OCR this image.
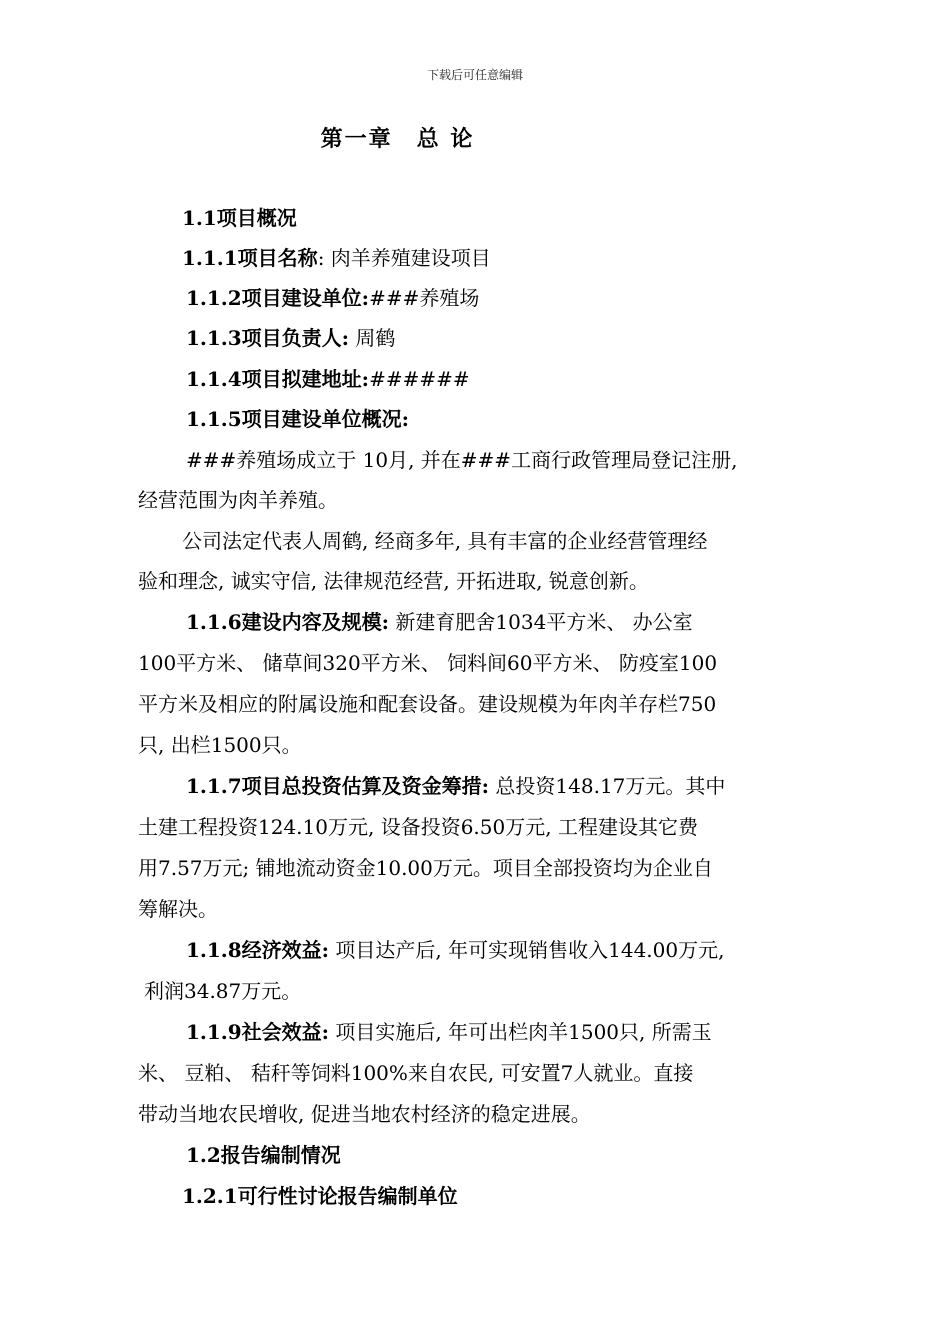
下载后可任意编辑
第一章　总 论
1.1项目概况
1.1.1项目名称: 肉羊养殖建设项目
1.1.2项目建设单位:###养殖场
1.1.3项目负责人: 周鹤
1.1.4项目拟建地址:######
1.1.5项目建设单位概况:
###养殖场成立于 10月, 并在###工商行政管理局登记注册,
经营范围为肉羊养殖。
公司法定代表人周鹤, 经商多年, 具有丰富的企业经营管理经
验和理念, 诚实守信, 法律规范经营, 开拓进取, 锐意创新。
1.1.6建设内容及规模: 新建育肥舍1034平方米、 办公室
100平方米、 储草间320平方米、 饲料间60平方米、 防疫室100
平方米及相应的附属设施和配套设备。建设规模为年肉羊存栏750
只, 出栏1500只。
1.1.7项目总投资估算及资金筹措: 总投资148.17万元。其中
土建工程投资124.10万元, 设备投资6.50万元, 工程建设其它费
用7.57万元; 铺地流动资金10.00万元。项目全部投资均为企业自
筹解决。
1.1.8经济效益: 项目达产后, 年可实现销售收入144.00万元,
利润34.87万元。
1.1.9社会效益: 项目实施后, 年可出栏肉羊1500只, 所需玉
米、 豆粕、 秸秆等饲料100%来自农民, 可安置7人就业。直接
带动当地农民增收, 促进当地农村经济的稳定进展。
1.2报告编制情况
1.2.1可行性讨论报告编制单位
